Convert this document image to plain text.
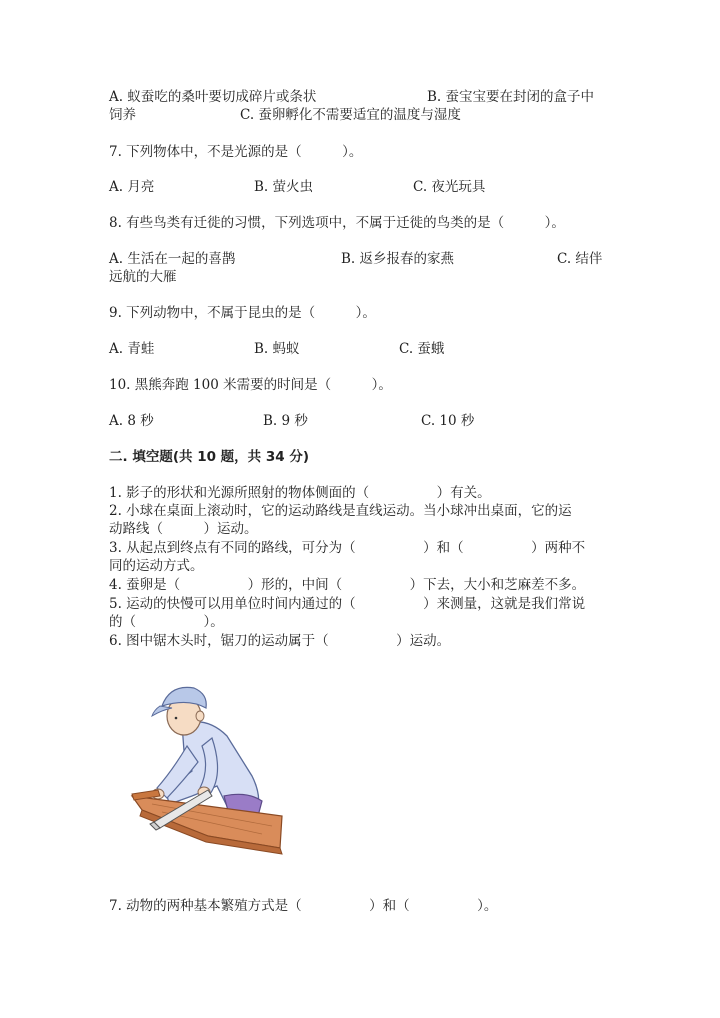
A. 蚁蚕吃的桑叶要切成碎片或条状	B. 蚕宝宝要在封闭的盒子中
饲养	C. 蚕卵孵化不需要适宜的温度与湿度
7. 下列物体中，不是光源的是（　　　）。
A. 月亮	B. 萤火虫	C. 夜光玩具
8. 有些鸟类有迁徙的习惯，下列选项中，不属于迁徙的鸟类的是（　　　）。
A. 生活在一起的喜鹊	B. 返乡报春的家燕	C. 结伴
远航的大雁
9. 下列动物中，不属于昆虫的是（　　　）。
A. 青蛙	B. 蚂蚁	C. 蚕蛾
10. 黑熊奔跑 100 米需要的时间是（　　　）。
A. 8 秒	B. 9 秒	C. 10 秒
二. 填空题(共 10 题，共 34 分)
1. 影子的形状和光源所照射的物体侧面的（　　　　　）有关。
2. 小球在桌面上滚动时，它的运动路线是直线运动。当小球冲出桌面，它的运
动路线（　　　）运动。
3. 从起点到终点有不同的路线，可分为（　　　　　）和（　　　　　）两种不
同的运动方式。
4. 蚕卵是（　　　　　）形的，中间（　　　　　）下去，大小和芝麻差不多。
5. 运动的快慢可以用单位时间内通过的（　　　　　）来测量，这就是我们常说
的（　　　　　）。
6. 图中锯木头时，锯刀的运动属于（　　　　　）运动。
7. 动物的两种基本繁殖方式是（　　　　　）和（　　　　　）。
